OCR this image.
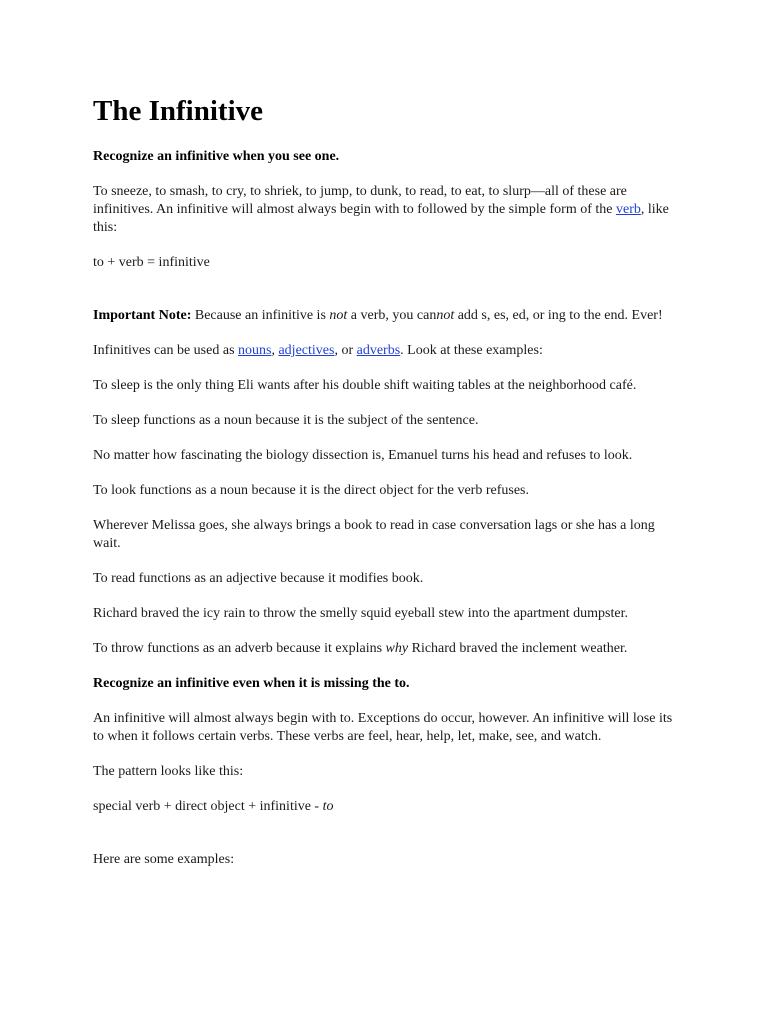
The Infinitive

Recognize an infinitive when you see one.

To sneeze, to smash, to cry, to shriek, to jump, to dunk, to read, to eat, to slurp—all of these are infinitives. An infinitive will almost always begin with to followed by the simple form of the verb, like this:

to + verb = infinitive

Important Note: Because an infinitive is not a verb, you cannot add s, es, ed, or ing to the end. Ever!

Infinitives can be used as nouns, adjectives, or adverbs. Look at these examples:

To sleep is the only thing Eli wants after his double shift waiting tables at the neighborhood café.

To sleep functions as a noun because it is the subject of the sentence.

No matter how fascinating the biology dissection is, Emanuel turns his head and refuses to look.

To look functions as a noun because it is the direct object for the verb refuses.

Wherever Melissa goes, she always brings a book to read in case conversation lags or she has a long wait.

To read functions as an adjective because it modifies book.

Richard braved the icy rain to throw the smelly squid eyeball stew into the apartment dumpster.

To throw functions as an adverb because it explains why Richard braved the inclement weather.

Recognize an infinitive even when it is missing the to.

An infinitive will almost always begin with to. Exceptions do occur, however. An infinitive will lose its to when it follows certain verbs. These verbs are feel, hear, help, let, make, see, and watch.

The pattern looks like this:

special verb + direct object + infinitive - to

Here are some examples:
